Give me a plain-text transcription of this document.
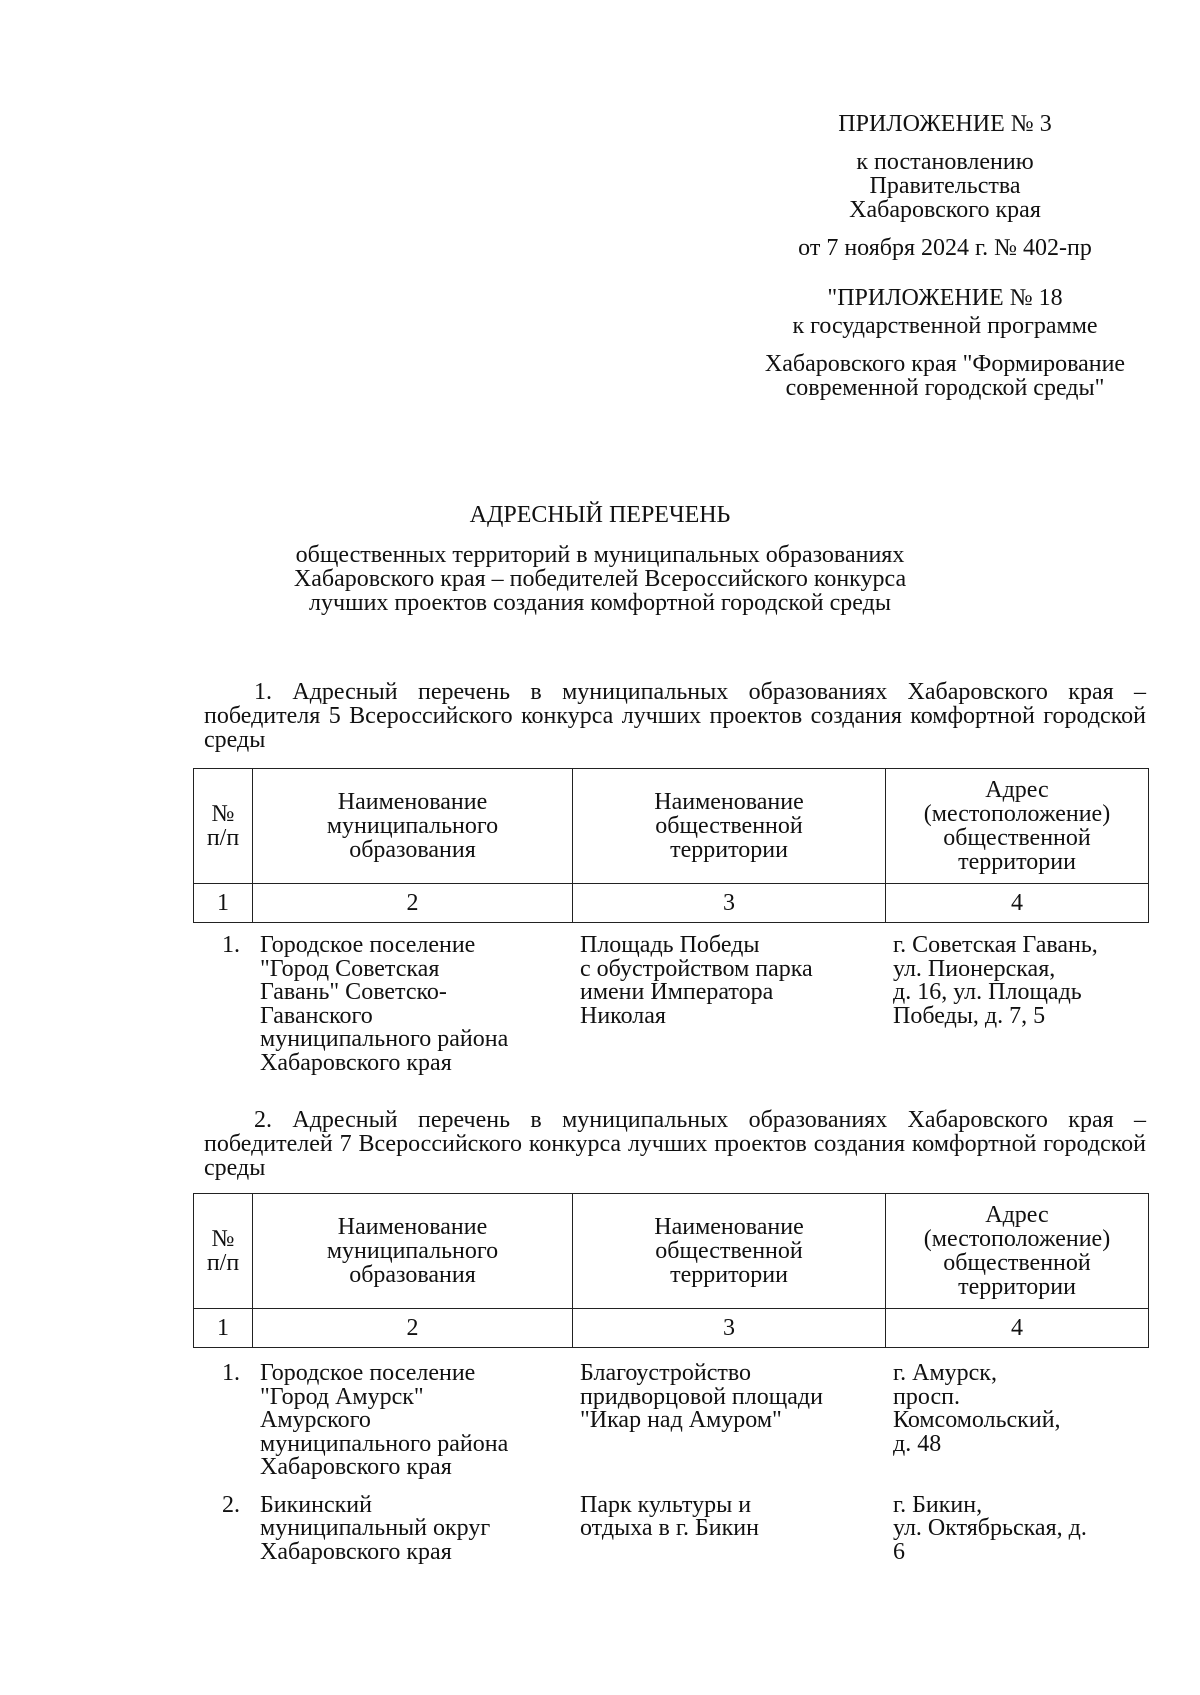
ПРИЛОЖЕНИЕ № 3
к постановлению
Правительства
Хабаровского края
от 7 ноября 2024 г. № 402-пр
"ПРИЛОЖЕНИЕ № 18
к государственной программе
Хабаровского края "Формирование
современной городской среды"
АДРЕСНЫЙ ПЕРЕЧЕНЬ
общественных территорий в муниципальных образованиях
Хабаровского края – победителей Всероссийского конкурса
лучших проектов создания комфортной городской среды
1. Адресный перечень в муниципальных образованиях Хабаровского края – победителя 5 Всероссийского конкурса лучших проектов создания комфортной городской среды
№
п/п	Наименование
муниципального
образования	Наименование
общественной
территории	Адрес
(местоположение)
общественной
территории
1	2	3	4
1.	Городское поселение
"Город Советская
Гавань" Советско-
Гаванского
муниципального района
Хабаровского края	Площадь Победы
с обустройством парка
имени Императора
Николая	г. Советская Гавань,
ул. Пионерская,
д. 16, ул. Площадь
Победы, д. 7, 5
2. Адресный перечень в муниципальных образованиях Хабаровского края – победителей 7 Всероссийского конкурса лучших проектов создания комфортной городской среды
№
п/п	Наименование
муниципального
образования	Наименование
общественной
территории	Адрес
(местоположение)
общественной
территории
1	2	3	4
1.	Городское поселение
"Город Амурск"
Амурского
муниципального района
Хабаровского края	Благоустройство
придворцовой площади
"Икар над Амуром"	г. Амурск,
просп.
Комсомольский,
д. 48
2.	Бикинский
муниципальный округ
Хабаровского края	Парк культуры и
отдыха в г. Бикин	г. Бикин,
ул. Октябрьская, д.
6
